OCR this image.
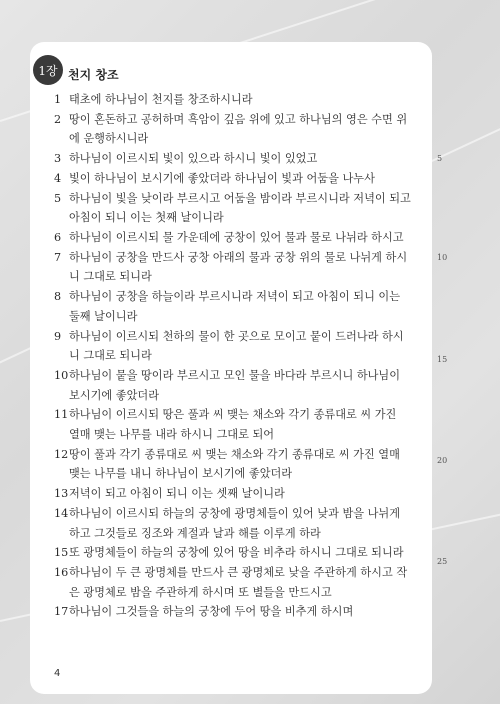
1장 천지 창조
1 태초에 하나님이 천지를 창조하시니라
2 땅이 혼돈하고 공허하며 흑암이 깊음 위에 있고 하나님의 영은 수면 위
에 운행하시니라
3 하나님이 이르시되 빛이 있으라 하시니 빛이 있었고
4 빛이 하나님이 보시기에 좋았더라 하나님이 빛과 어둠을 나누사
5 하나님이 빛을 낮이라 부르시고 어둠을 밤이라 부르시니라 저녁이 되고
아침이 되니 이는 첫째 날이니라
6 하나님이 이르시되 물 가운데에 궁창이 있어 물과 물로 나뉘라 하시고
7 하나님이 궁창을 만드사 궁창 아래의 물과 궁창 위의 물로 나뉘게 하시
니 그대로 되니라
8 하나님이 궁창을 하늘이라 부르시니라 저녁이 되고 아침이 되니 이는
둘째 날이니라
9 하나님이 이르시되 천하의 물이 한 곳으로 모이고 뭍이 드러나라 하시
니 그대로 되니라
10 하나님이 뭍을 땅이라 부르시고 모인 물을 바다라 부르시니 하나님이
보시기에 좋았더라
11 하나님이 이르시되 땅은 풀과 씨 맺는 채소와 각기 종류대로 씨 가진
열매 맺는 나무를 내라 하시니 그대로 되어
12 땅이 풀과 각기 종류대로 씨 맺는 채소와 각기 종류대로 씨 가진 열매
맺는 나무를 내니 하나님이 보시기에 좋았더라
13 저녁이 되고 아침이 되니 이는 셋째 날이니라
14 하나님이 이르시되 하늘의 궁창에 광명체들이 있어 낮과 밤을 나뉘게
하고 그것들로 징조와 계절과 날과 해를 이루게 하라
15 또 광명체들이 하늘의 궁창에 있어 땅을 비추라 하시니 그대로 되니라
16 하나님이 두 큰 광명체를 만드사 큰 광명체로 낮을 주관하게 하시고 작
은 광명체로 밤을 주관하게 하시며 또 별들을 만드시고
17 하나님이 그것들을 하늘의 궁창에 두어 땅을 비추게 하시며
5
10
15
20
25
4
